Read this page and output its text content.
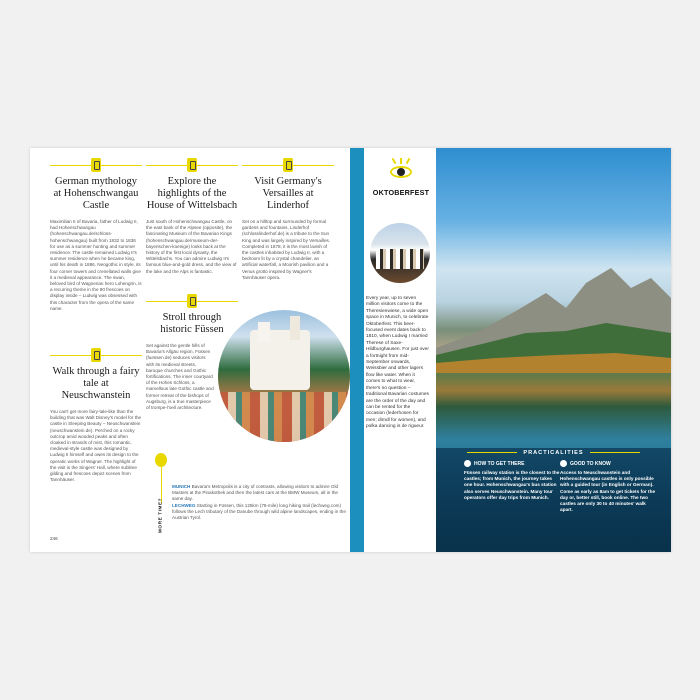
German mythology at Hohenschwangau Castle

Maximilian II of Bavaria, father of Ludwig II, had Hohenschwangau (hohenschwangau.de/schloss-hohenschwangau) built from 1832 to 1836 for use as a summer hunting and summer residence. The castle remained Ludwig II's summer residence when he became king, until his death in 1886. Neogothic in style, its four corner towers and crenellated walls give it a medieval appearance. The swan, beloved bird of Wagnerian hero Lohengrin, is a recurring theme in the 90 frescoes on display inside – Ludwig was obsessed with this character from the opera of the same name.

Walk through a fairy tale at Neuschwanstein

You can't get more fairy-tale-like than the building that was Walt Disney's model for the castle in Sleeping Beauty – Neuschwanstein (neuschwanstein.de). Perched on a rocky outcrop amid wooded peaks and often cloaked in strands of mist, this romantic, medieval-style castle was designed by Ludwig II himself and owes its design to the operatic works of Wagner. The highlight of the visit is the Singers' Hall, where sublime gilding and frescoes depict scenes from Tannhäuser.

Explore the highlights of the House of Wittelsbach

Just south of Hohenschwangau Castle, on the east bank of the Alpsee (opposite), the fascinating Museum of the Bavarian Kings (hohenschwangau.de/museum-der-bayerischen-koenige) looks back at the history of the first local dynasty, the Wittelsbachs. You can admire Ludwig II's famous blue-and-gold dress, and the view of the lake and the Alps is fantastic.

Stroll through historic Füssen

Set against the gentle hills of Bavaria's Allgäu region, Füssen (fuessen.de) seduces visitors with its medieval streets, baroque churches and Gothic fortifications. The inner courtyard of the Hohes Schloss, a marvellous late Gothic castle and former retreat of the bishops of Augsburg, is a true masterpiece of trompe-l'oeil architecture.

Visit Germany's Versailles at Linderhof

Set on a hilltop and surrounded by formal gardens and fountains, Linderhof (schlosslinderhof.de) is a tribute to the Sun King and was largely inspired by Versailles. Completed in 1878, it is the most lavish of the castles inhabited by Ludwig II, with a bedroom lit by a crystal chandelier, an artificial waterfall, a Moorish pavilion and a Venus grotto inspired by Wagner's Tannhäuser opera.

MORE TIME?
MUNICH Bavaria's Metropolis is a city of contrasts, allowing visitors to admire Old Masters at the Pinakothek and then the latest cars at the BMW Museum, all in the same day.
LECHWEG Starting in Füssen, this 125km (78-mile) long hiking trail (lechweg.com) follows the Lech tributary of the Danube through wild alpine landscapes, ending in the Austrian Tyrol.
246
OKTOBERFEST
Every year, up to seven million visitors come to the Theresienwiese, a wide open space in Munich, to celebrate Oktoberfest. This beer-focused event dates back to 1810, when Ludwig I married Therese of Saxe-Hildburghausen. For just over a fortnight from mid-September onwards, Weissbier and other lagers flow like water. When it comes to what to wear, there's no question – traditional Bavarian costumes are the order of the day and can be rented for the occasion (lederhosen for men; dirndl for women), and polka dancing is de rigueur.
PRACTICALITIES
HOW TO GET THERE
Füssen railway station is the closest to the castles; from Munich, the journey takes one hour. Hohenschwangau's bus station also serves Neuschwanstein. Many tour operators offer day trips from Munich.
GOOD TO KNOW
Access to Neuschwanstein and Hohenschwangau castles is only possible with a guided tour (in English or German). Come as early as 8am to get tickets for the day or, better still, book online. The two castles are only 30 to 40 minutes' walk apart.
